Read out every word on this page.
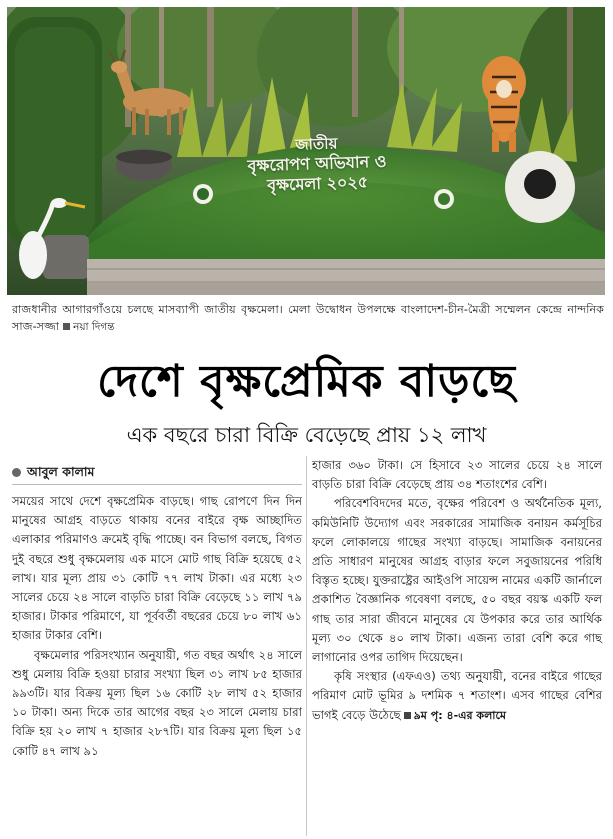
জাতীয়
বৃক্ষরোপণ অভিযান ও
বৃক্ষমেলা ২০২৫
রাজধানীর আগারগাঁওয়ে চলছে মাসব্যাপী জাতীয় বৃক্ষমেলা। মেলা উদ্বোধন উপলক্ষে বাংলাদেশ-চীন-মৈত্রী সম্মেলন কেন্দ্রে নান্দনিক সাজ-সজ্জা নয়া দিগন্ত
দেশে বৃক্ষপ্রেমিক বাড়ছে
এক বছরে চারা বিক্রি বেড়েছে প্রায় ১২ লাখ
আবুল কালাম

সময়ের সাথে দেশে বৃক্ষপ্রেমিক বাড়ছে। গাছ রোপণে দিন দিন মানুষের আগ্রহ বাড়তে থাকায় বনের বাইরে বৃক্ষ আচ্ছাদিত এলাকার পরিমাণও ক্রমেই বৃদ্ধি পাচ্ছে। বন বিভাগ বলছে, বিগত দুই বছরে শুধু বৃক্ষমেলায় এক মাসে মোট গাছ বিক্রি হয়েছে ৫২ লাখ। যার মূল্য প্রায় ৩১ কোটি ৭৭ লাখ টাকা। এর মধ্যে ২৩ সালের চেয়ে ২৪ সালে বাড়তি চারা বিক্রি বেড়েছে ১১ লাখ ৭৯ হাজার। টাকার পরিমাণে, যা পূর্ববর্তী বছরের চেয়ে ৮০ লাখ ৬১ হাজার টাকার বেশি।

বৃক্ষমেলার পরিসংখ্যান অনুযায়ী, গত বছর অর্থাৎ ২৪ সালে শুধু মেলায় বিক্রি হওয়া চারার সংখ্যা ছিল ৩১ লাখ ৮৫ হাজার ৯৯৩টি। যার বিক্রয় মূল্য ছিল ১৬ কোটি ২৮ লাখ ৫২ হাজার ১০ টাকা। অন্য দিকে তার আগের বছর ২৩ সালে মেলায় চারা বিক্রি হয় ২০ লাখ ৭ হাজার ২৮৭টি। যার বিক্রয় মূল্য ছিল ১৫ কোটি ৪৭ লাখ ৯১

হাজার ৩৬০ টাকা। সে হিসাবে ২৩ সালের চেয়ে ২৪ সালে বাড়তি চারা বিক্রি বেড়েছে প্রায় ৩৪ শতাংশের বেশি।

পরিবেশবিদদের মতে, বৃক্ষের পরিবেশ ও অর্থনৈতিক মূল্য, কমিউনিটি উদ্যোগ এবং সরকারের সামাজিক বনায়ন কর্মসূচির ফলে লোকালয়ে গাছের সংখ্যা বাড়ছে। সামাজিক বনায়নের প্রতি সাধারণ মানুষের আগ্রহ বাড়ার ফলে সবুজায়নের পরিধি বিস্তৃত হচ্ছে। যুক্তরাষ্ট্রের আইওপি সায়েন্স নামের একটি জার্নালে প্রকাশিত বৈজ্ঞানিক গবেষণা বলছে, ৫০ বছর বয়স্ক একটি ফল গাছ তার সারা জীবনে মানুষের যে উপকার করে তার আর্থিক মূল্য ৩০ থেকে ৪০ লাখ টাকা। এজন্য তারা বেশি করে গাছ লাগানোর ওপর তাগিদ দিয়েছেন।

কৃষি সংস্থার (এফএও) তথ্য অনুযায়ী, বনের বাইরে গাছের পরিমাণ মোট ভূমির ৯ দশমিক ৭ শতাংশ। এসব গাছের বেশির ভাগই বেড়ে উঠেছে ৯ম পৃ: ৪-এর কলামে
